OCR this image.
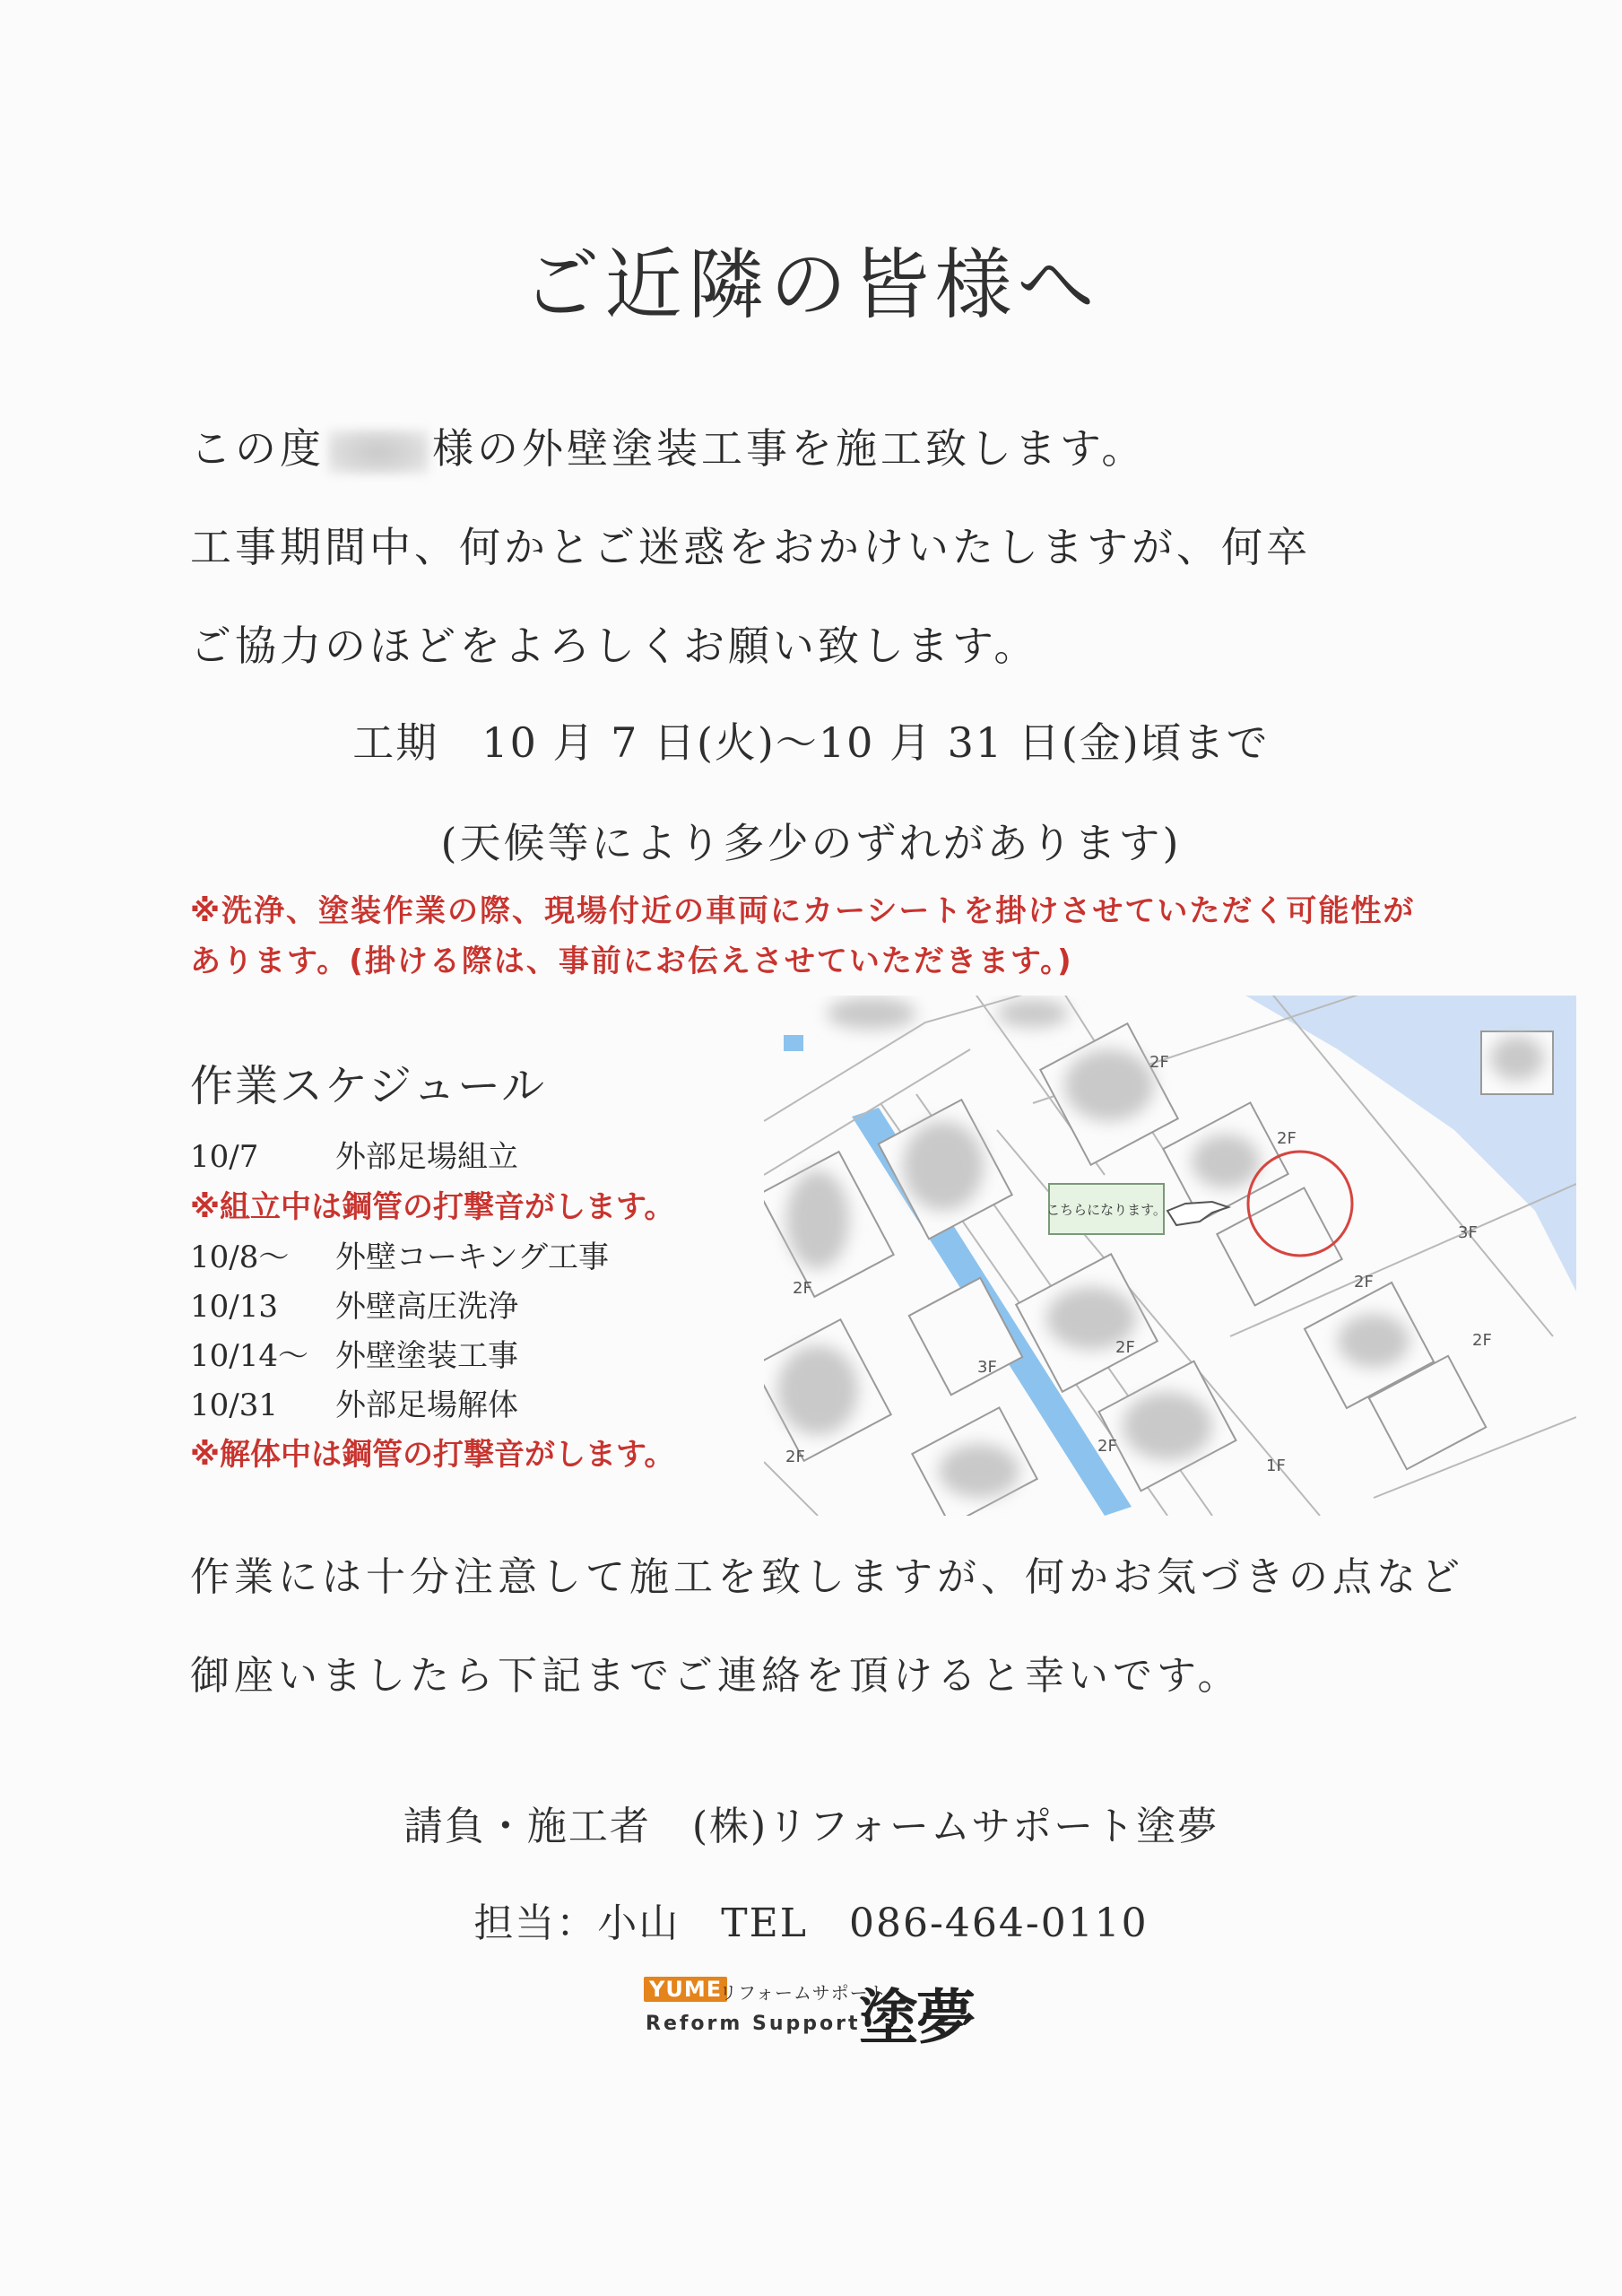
ご近隣の皆様へ
この度	様の外壁塗装工事を施工致します。
工事期間中、何かとご迷惑をおかけいたしますが、何卒
ご協力のほどをよろしくお願い致します。
工期　10 月 7 日(火)～10 月 31 日(金)頃まで
(天候等により多少のずれがあります)
※洗浄、塗装作業の際、現場付近の車両にカーシートを掛けさせていただく可能性が
あります。(掛ける際は、事前にお伝えさせていただきます。)
作業スケジュール
10/7	外部足場組立
※組立中は鋼管の打撃音がします。
10/8～ 外壁コーキング工事
10/13 外壁高圧洗浄
10/14～ 外壁塗装工事
10/31 外部足場解体
※解体中は鋼管の打撃音がします。
2F
2F
2F
2F
2F
3F
2F
2F
1F
2F
3F
こちらになります。
作業には十分注意して施工を致しますが、何かお気づきの点など
御座いましたら下記までご連絡を頂けると幸いです。
請負・施工者　(株)リフォームサポート塗夢
担当：小山　TEL　086-464-0110
YUME
リフォームサポート
Reform Support
塗夢
